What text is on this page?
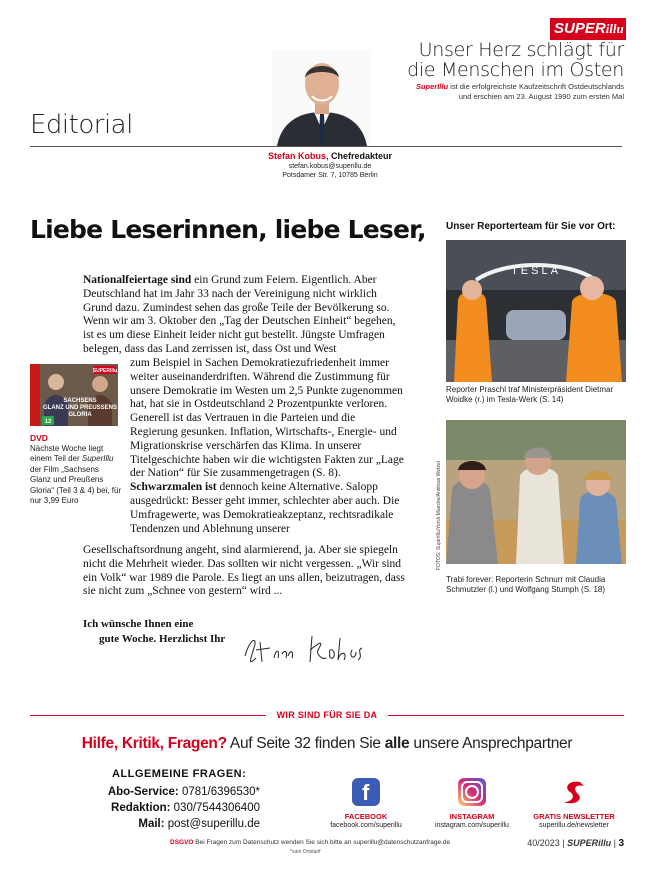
SUPERillu
Unser Herz schlägt für
die Menschen im Osten
SuperIllu ist die erfolgreichste Kaufzeitschrift Ostdeutschlands
und erschien am 23. August 1990 zum ersten Mal
Editorial
Stefan Kobus, Chefredakteur
stefan.kobus@superillu.de
Potsdamer Str. 7, 10785 Berlin
Liebe Leserinnen, liebe Leser,
Nationalfeiertage sind ein Grund zum Feiern. Eigentlich. Aber Deutschland hat im Jahr 33 nach der Vereinigung nicht wirklich Grund dazu. Zumindest sehen das große Teile der Bevölkerung so. Wenn wir am 3. Oktober den „Tag der Deutschen Einheit“ begehen, ist es um diese Einheit leider nicht gut bestellt. Jüngste Umfragen belegen, dass das Land zerrissen ist, dass Ost und West
zum Beispiel in Sachen Demokratiezufriedenheit immer weiter auseinanderdriften. Während die Zustimmung für unsere Demokratie im Westen um 2,5 Punkte zugenommen hat, hat sie in Ostdeutschland 2 Prozentpunkte verloren. Generell ist das Vertrauen in die Parteien und die Regierung gesunken. Inflation, Wirtschafts-, Energie- und Migrationskrise verschärfen das Klima. In unserer Titelgeschichte haben wir die wichtigsten Fakten zur „Lage der Nation“ für Sie zusammengetragen (S. 8).
Schwarzmalen ist dennoch keine Alternative. Salopp ausgedrückt: Besser geht immer, schlechter aber auch. Die Umfragewerte, was Demokratieakzeptanz, rechtsradikale Tendenzen und Ablehnung unserer
Gesellschaftsordnung angeht, sind alarmierend, ja. Aber sie spiegeln nicht die Mehrheit wieder. Das sollten wir nicht vergessen. „Wir sind ein Volk“ war 1989 die Parole. Es liegt an uns allen, beizutragen, dass sie nicht zum „Schnee von gestern“ wird ...
12
SACHSENS
GLANZ UND PREUSSENS
GLORIA
SUPERillu
DVD
Nächste Woche liegt einem Teil der SuperIllu der Film „Sachsens Glanz und Preußens Gloria“ (Teil 3 & 4) bei, für nur 3,99 Euro
Ich wünsche Ihnen eine
gute Woche. Herzlichst Ihr
Unser Reporterteam für Sie vor Ort:
TESLA
Reporter Praschl traf Ministerpräsident Dietmar Woidke (r.) im Tesla-Werk (S. 14)
FOTOS: SuperIllu/Yorck Maecke/Andreas Wetzel
Trabi forever: Reporterin Schnurr mit Claudia Schmutzler (l.) und Wolfgang Stumph (S. 18)
WIR SIND FÜR SIE DA
Hilfe, Kritik, Fragen? Auf Seite 32 finden Sie alle unsere Ansprechpartner
ALLGEMEINE FRAGEN:
Abo-Service: 0781/6396530*
Redaktion: 030/7544306400
Mail: post@superillu.de
f
FACEBOOK
facebook.com/superillu
INSTAGRAM
instagram.com/superillu
GRATIS NEWSLETTER
superillu.de/newsletter
DSGVO Bei Fragen zum Datenschutz wenden Sie sich bitte an superillu@datenschutzanfrage.de
*zum Ortstarif
40/2023 | SUPERillu | 3
